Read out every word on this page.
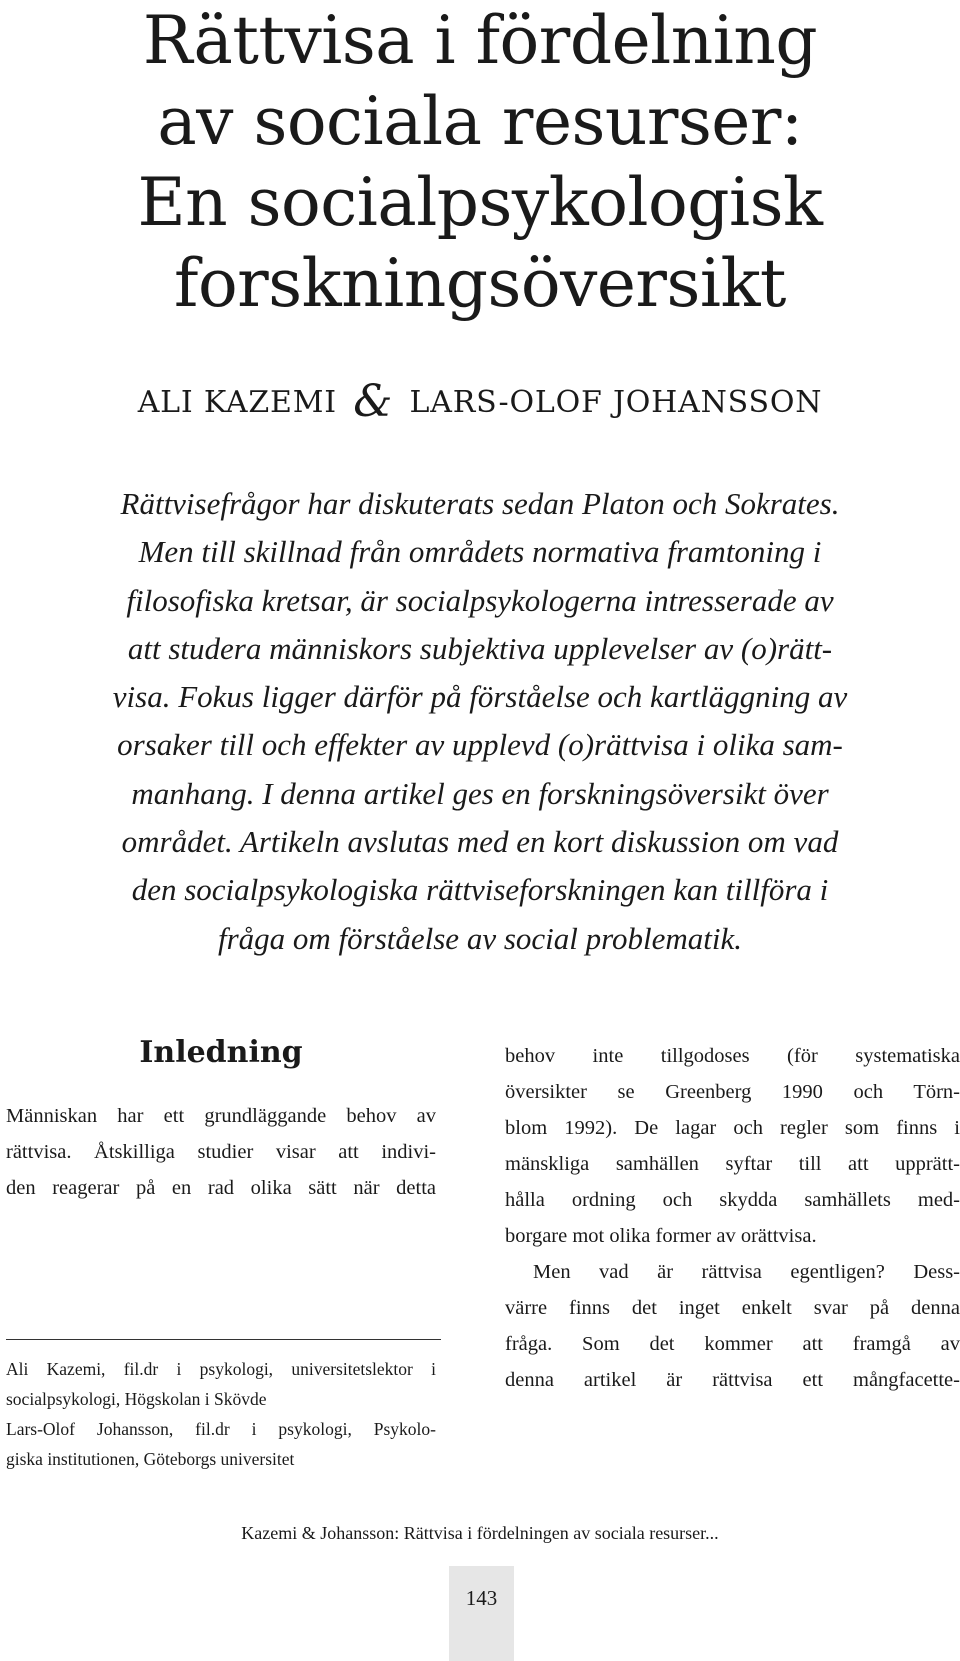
Rättvisa i fördelning
av sociala resurser:
En socialpsykologisk
forskningsöversikt
ALI KAZEMI & LARS-OLOF JOHANSSON

Rättvisefrågor har diskuterats sedan Platon och Sokrates.
Men till skillnad från områdets normativa framtoning i
filosofiska kretsar, är socialpsykologerna intresserade av
att studera människors subjektiva upplevelser av (o)rätt-
visa. Fokus ligger därför på förståelse och kartläggning av
orsaker till och effekter av upplevd (o)rättvisa i olika sam-
manhang. I denna artikel ges en forskningsöversikt över
området. Artikeln avslutas med en kort diskussion om vad
den socialpsykologiska rättviseforskningen kan tillföra i
fråga om förståelse av social problematik.

Inledning
Människan har ett grundläggande behov av
rättvisa. Åtskilliga studier visar att indivi-
den reagerar på en rad olika sätt när detta
Ali Kazemi, fil.dr i psykologi, universitetslektor i
socialpsykologi, Högskolan i Skövde
Lars-Olof Johansson, fil.dr i psykologi, Psykolo-
giska institutionen, Göteborgs universitet
behov inte tillgodoses (för systematiska
översikter se Greenberg 1990 och Törn-
blom 1992). De lagar och regler som finns i
mänskliga samhällen syftar till att upprätt-
hålla ordning och skydda samhällets med-
borgare mot olika former av orättvisa.
Men vad är rättvisa egentligen? Dess-
värre finns det inget enkelt svar på denna
fråga. Som det kommer att framgå av
denna artikel är rättvisa ett mångfacette-
Kazemi & Johansson: Rättvisa i fördelningen av sociala resurser...
143
